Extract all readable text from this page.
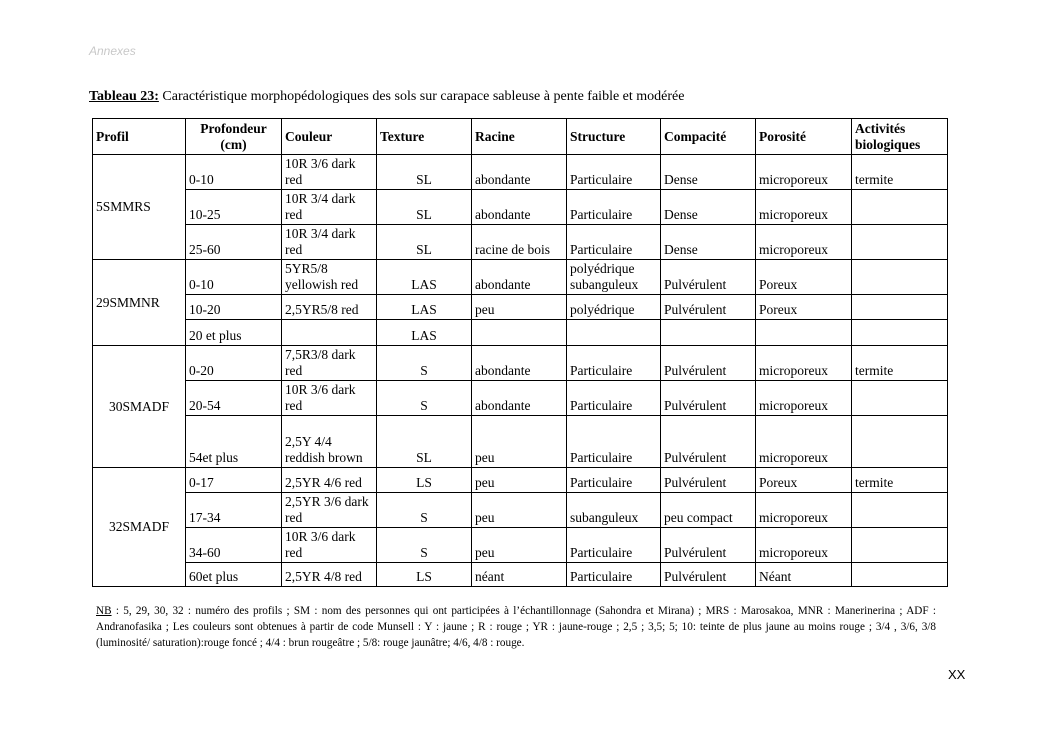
Annexes
Tableau 23: Caractéristique morphopédologiques des sols sur carapace sableuse à pente faible et modérée
Profil	Profondeur (cm)	Couleur	Texture	Racine	Structure	Compacité	Porosité	Activités biologiques
5SMMRS	0-10	10R 3/6 dark red	SL	abondante	Particulaire	Dense	microporeux	termite
	10-25	10R 3/4 dark red	SL	abondante	Particulaire	Dense	microporeux	
	25-60	10R 3/4 dark red	SL	racine de bois	Particulaire	Dense	microporeux	
29SMMNR	0-10	5YR5/8 yellowish red	LAS	abondante	polyédrique subanguleux	Pulvérulent	Poreux	
	10-20	2,5YR5/8 red	LAS	peu	polyédrique	Pulvérulent	Poreux	
	20 et plus		LAS					
30SMADF	0-20	7,5R3/8 dark red	S	abondante	Particulaire	Pulvérulent	microporeux	termite
	20-54	10R 3/6 dark red	S	abondante	Particulaire	Pulvérulent	microporeux	
	54et plus	2,5Y 4/4 reddish brown	SL	peu	Particulaire	Pulvérulent	microporeux	
32SMADF	0-17	2,5YR 4/6 red	LS	peu	Particulaire	Pulvérulent	Poreux	termite
	17-34	2,5YR 3/6 dark red	S	peu	subanguleux	peu compact	microporeux	
	34-60	10R 3/6 dark red	S	peu	Particulaire	Pulvérulent	microporeux	
	60et plus	2,5YR 4/8 red	LS	néant	Particulaire	Pulvérulent	Néant	
NB : 5, 29, 30, 32 : numéro des profils ; SM : nom des personnes qui ont participées à l’échantillonnage (Sahondra et Mirana) ; MRS : Marosakoa, MNR : Manerinerina ; ADF : Andranofasika ; Les couleurs sont obtenues à partir de code Munsell : Y : jaune ; R : rouge ; YR : jaune-rouge ; 2,5 ; 3,5; 5; 10: teinte de plus jaune au moins rouge ; 3/4 , 3/6, 3/8 (luminosité/ saturation):rouge foncé ; 4/4 : brun rougeâtre ; 5/8: rouge jaunâtre; 4/6, 4/8 : rouge.
XX
